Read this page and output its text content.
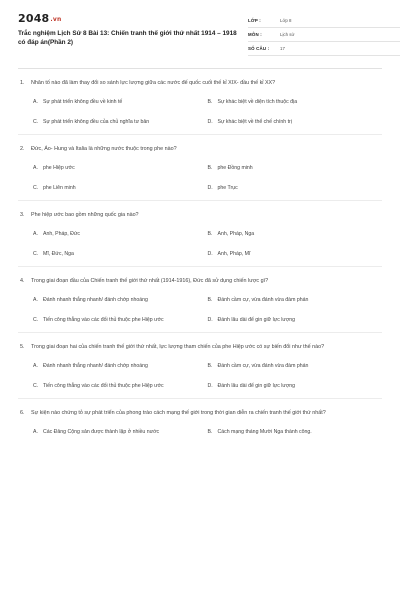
2048.vn
Trắc nghiệm Lịch Sử 8 Bài 13: Chiến tranh thế giới thứ nhất 1914 – 1918 có đáp án(Phần 2)
LỚP :	Lớp 8
MÔN :	Lịch sử
SỐ CÂU :	17
1.	Nhân tố nào đã làm thay đổi so sánh lực lượng giữa các nước đế quốc cuối thế kỉ XIX- đầu thế kỉ XX?
A. Sự phát triển không đều về kinh tế	B. Sự khác biệt về diện tích thuộc địa
C. Sự phát triển không đều của chủ nghĩa tư bản	D. Sự khác biệt về thể chế chính trị
2.	Đức, Áo- Hung và Italia là những nước thuộc trong phe nào?
A. phe Hiệp ước	B. phe Đồng minh
C. phe Liên minh	D. phe Trục
3.	Phe hiệp ước bao gồm những quốc gia nào?
A. Anh, Pháp, Đức	B. Anh, Pháp, Nga
C. Mĩ, Đức, Nga	D. Anh, Pháp, Mĩ
4.	Trong giai đoạn đầu của Chiến tranh thế giới thứ nhất (1914-1916), Đức đã sử dụng chiến lược gì?
A. Đánh nhanh thắng nhanh/ đánh chớp nhoáng	B. Đánh cầm cự, vừa đánh vừa đàm phán
C. Tiến công thẳng vào các đối thủ thuộc phe Hiệp ước	D. Đánh lâu dài để gin giữ lực lượng
5.	Trong giai đoạn hai của chiến tranh thế giới thứ nhất, lực lượng tham chiến của phe Hiệp ước có sự biến đổi như thế nào?
A. Đánh nhanh thắng nhanh/ đánh chớp nhoáng	B. Đánh cầm cự, vừa đánh vừa đàm phán
C. Tiến công thẳng vào các đối thủ thuộc phe Hiệp ước	D. Đánh lâu dài để gin giữ lực lượng
6.	Sự kiện nào chứng tỏ sự phát triển của phong trào cách mạng thế giới trong thời gian diễn ra chiến tranh thế giới thứ nhất?
A. Các Đảng Cộng sản được thành lập ở nhiều nước	B. Cách mạng tháng Mười Nga thành công.
